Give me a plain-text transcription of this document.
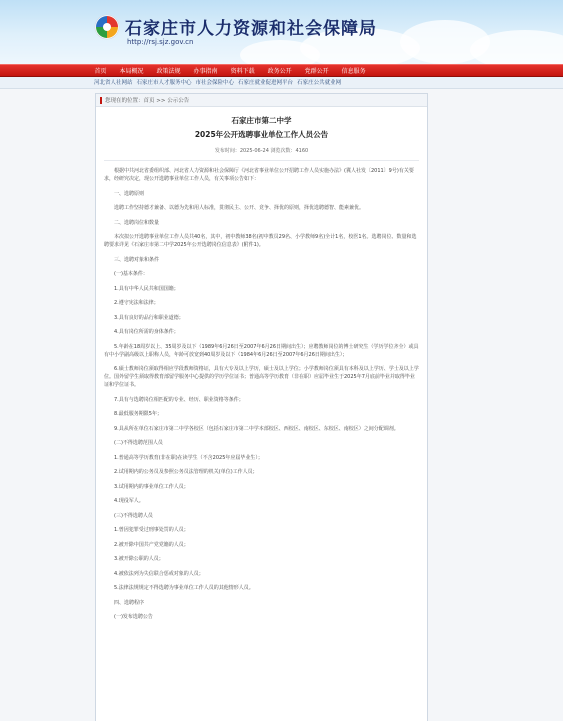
石家庄市人力资源和社会保障局
http://rsj.sjz.gov.cn
首页	本局概况	政策法规	办事指南	资料下载	政务公开	党群公开	信息服务
河北省人社网站 石家庄市人才服务中心 市社会保险中心 石家庄就业促进网平台 石家庄公共就业网
您现在的位置：首页 >> 公示公告
石家庄市第二中学
2025年公开选聘事业单位工作人员公告
发布时间：2025-06-24 浏览次数：4160

根据中共河北省委组织部、河北省人力资源和社会保障厅《河北省事业单位公开招聘工作人员实施办法》(冀人社发〔2011〕9号)有关要求，经研究决定，现公开选聘事业单位工作人员，有关事项公告如下：

一、选聘原则

选聘工作坚持德才兼备、以德为先和用人标准，贯彻民主、公开、竞争、择优的原则，择优选聘德智、能素兼优。

二、选聘岗位和数量

本次拟公开选聘事业单位工作人员共40名，其中，初中教师38名(初中教员29名、小学教师9名)全计1名，校医1名。选聘岗位、数量和选聘要求详见《石家庄市第二中学2025年公开选聘岗位信息表》(附件1)。

三、选聘对象和条件

(一)基本条件：

1.具有中华人民共和国国籍；

2.遵守宪法和法律；

3.具有良好的品行和职业道德；

4.具有岗位所需的身体条件；

5.年龄在18周岁以上、35周岁及以下（1989年6月26日至2007年6月26日期间出生）；应聘教师岗位的博士研究生（学历学位齐全）或具有中小学副高级以上职称人员，年龄可放宽到40周岁及以下（1984年6月26日至2007年6月26日期间出生）；

6.硕士教师岗位须取得相应学段教师资格证，具有大专及以上学历，硕士及以上学位；小学教师岗位须具有本科及以上学历、学士及以上学位。国外留学生须取得教育部留学服务中心提供的学历学位证书；普通高等学历教育（非在职）应届毕业生于2025年7月底前毕业并取得毕业证和学位证书。

7.具有与选聘岗位相匹配的专业、经历、职业资格等条件；

8.最低服务期限5年；

9.具从所在单位石家庄市第二中学各校区（包括石家庄市第二中学本部校区、西校区、南校区、东校区、南校区）之间分配调剂。

(二)不得选聘范围人员

1.普通高等学历教育(非在职)在读学生（不含2025年应届毕业生）；

2.试用期内的公务员及参照公务员法管理的机关(单位)工作人员；

3.试用期内的事业单位工作人员；

4.现役军人。

(三)不得选聘人员

1.曾因犯罪受过刑事处罚的人员；

2.被开除中国共产党党籍的人员；

3.被开除公职的人员；

4.被依法列为失信联合惩戒对象的人员；

5.法律法规规定不得选聘为事业单位工作人员的其他情形人员。

四、选聘程序

(一)发布选聘公告
